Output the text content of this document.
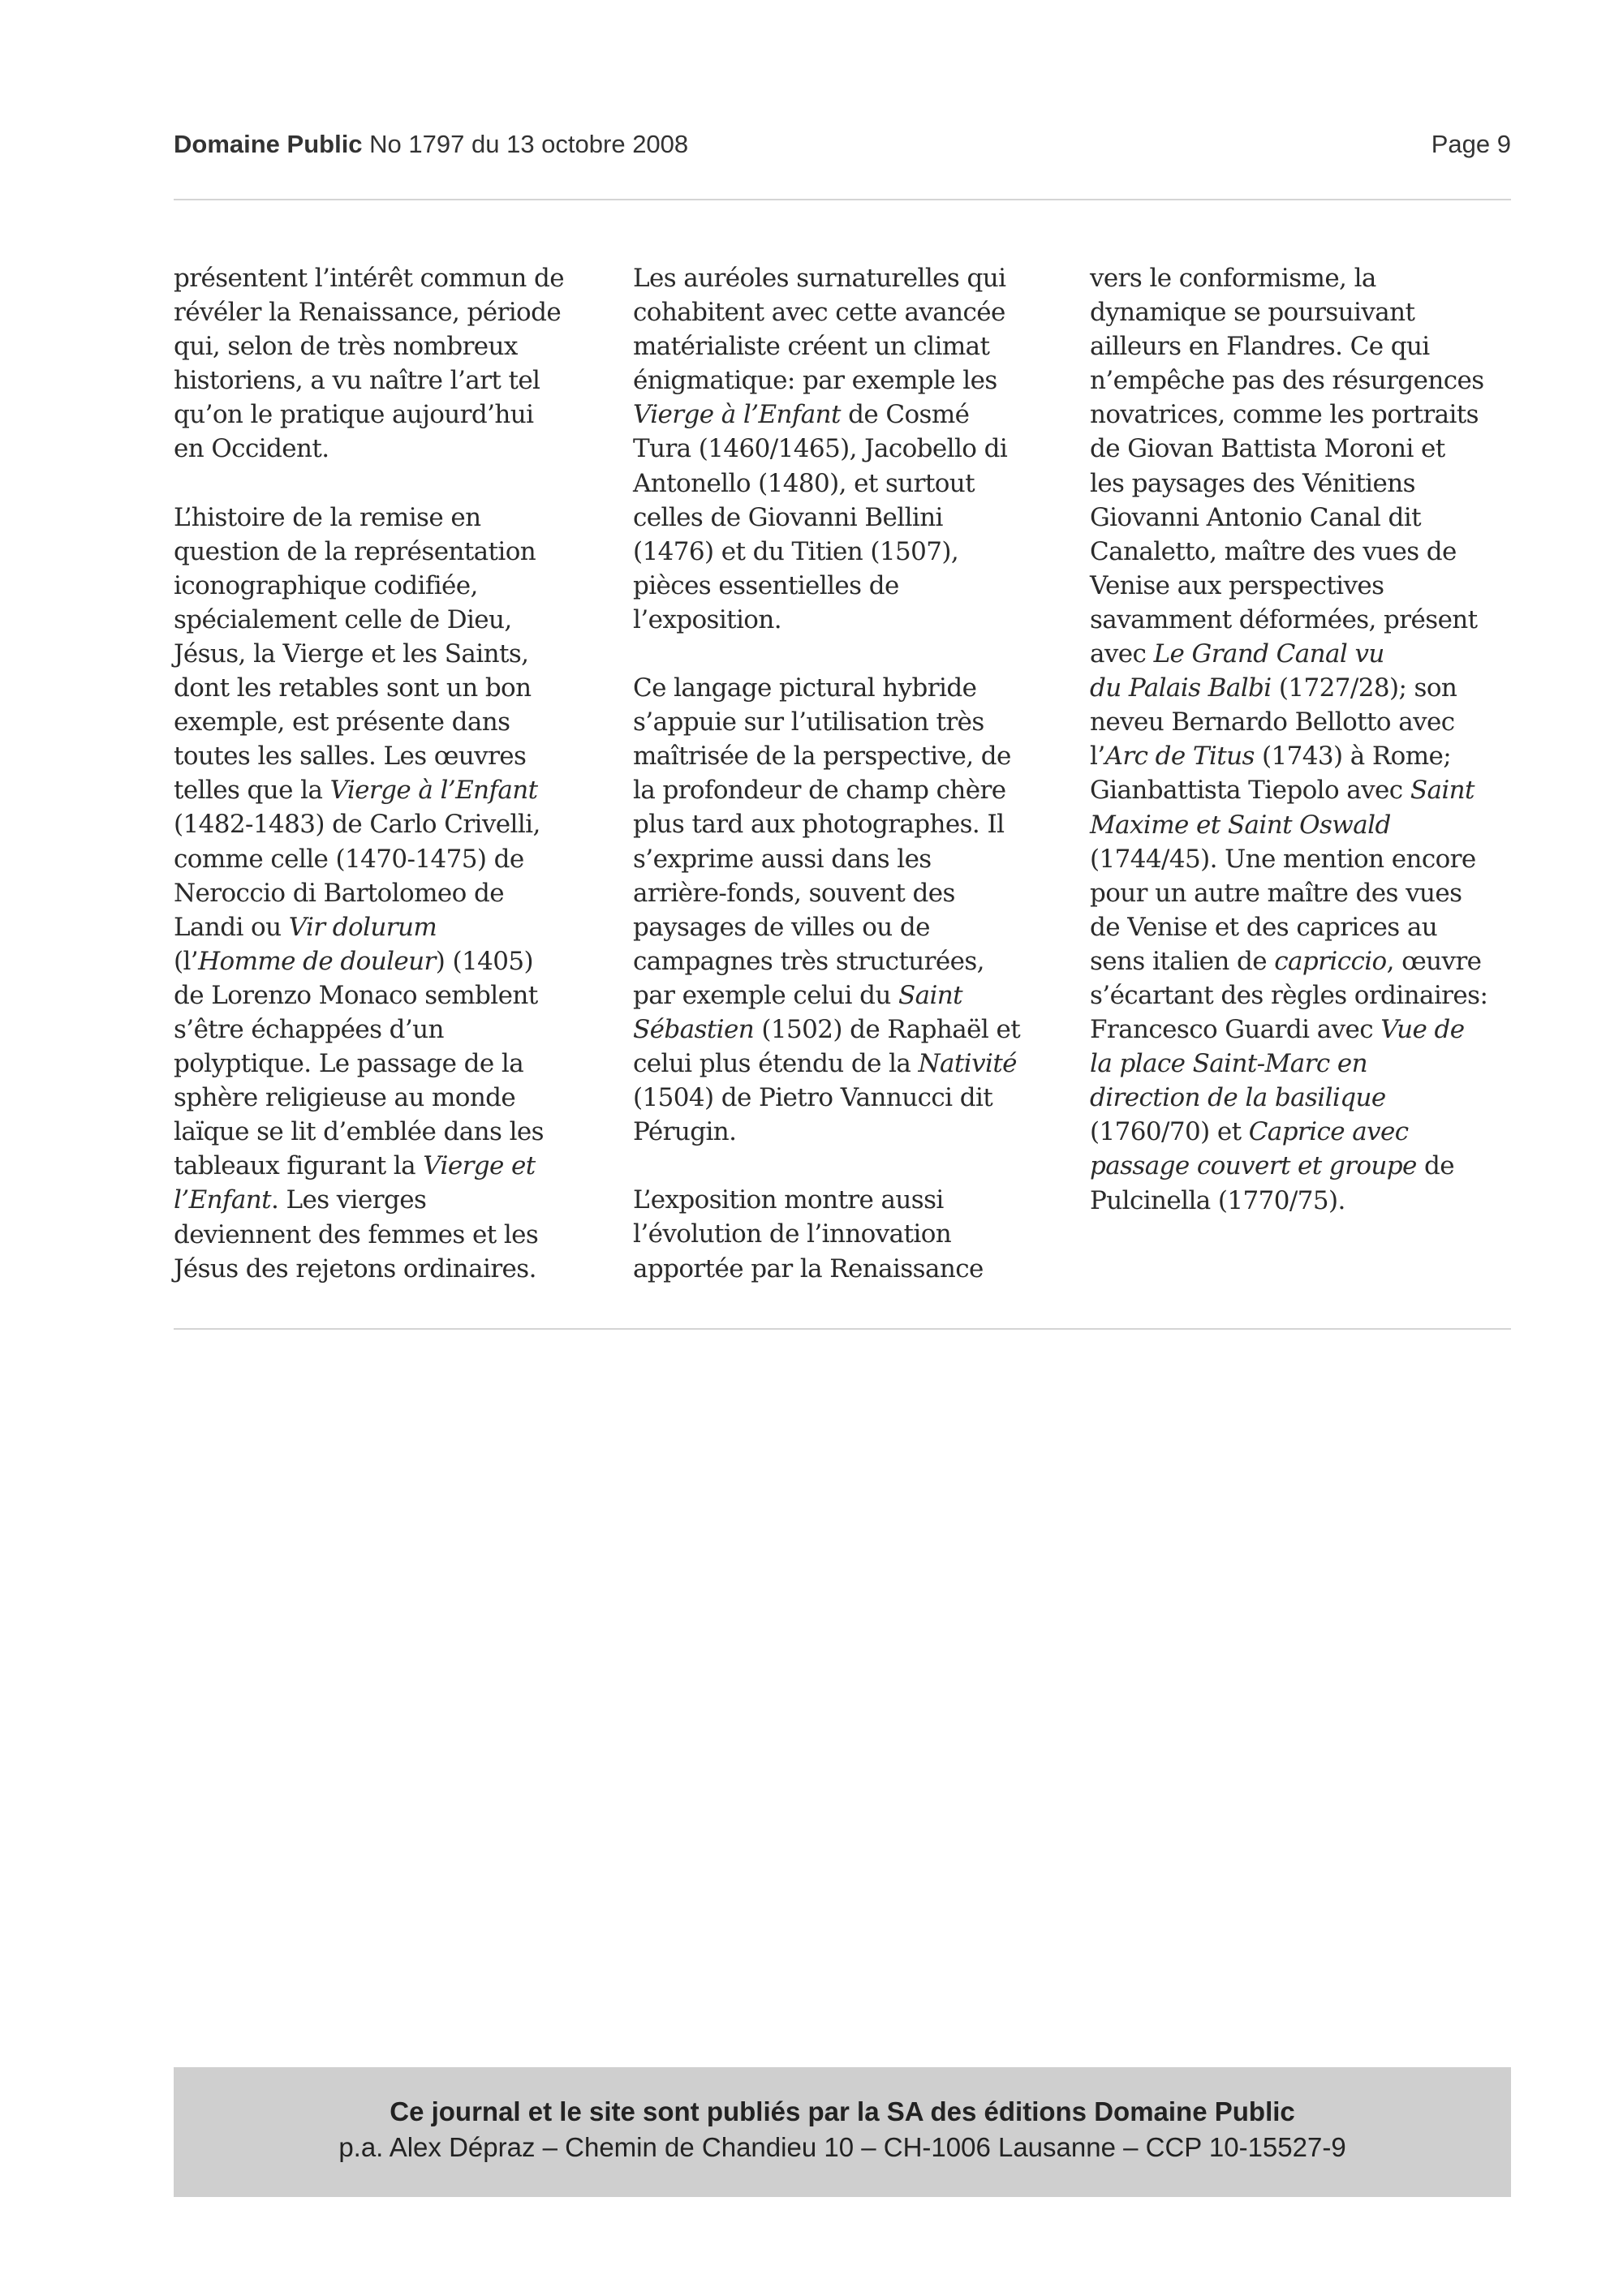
Domaine Public No 1797 du 13 octobre 2008	Page 9

présentent l’intérêt commun de
révéler la Renaissance, période
qui, selon de très nombreux
historiens, a vu naître l’art tel
qu’on le pratique aujourd’hui
en Occident.

L’histoire de la remise en
question de la représentation
iconographique codifiée,
spécialement celle de Dieu,
Jésus, la Vierge et les Saints,
dont les retables sont un bon
exemple, est présente dans
toutes les salles. Les œuvres
telles que la Vierge à l’Enfant
(1482-1483) de Carlo Crivelli,
comme celle (1470-1475) de
Neroccio di Bartolomeo de
Landi ou Vir dolurum
(l’Homme de douleur) (1405)
de Lorenzo Monaco semblent
s’être échappées d’un
polyptique. Le passage de la
sphère religieuse au monde
laïque se lit d’emblée dans les
tableaux figurant la Vierge et
l’Enfant. Les vierges
deviennent des femmes et les
Jésus des rejetons ordinaires.

Les auréoles surnaturelles qui
cohabitent avec cette avancée
matérialiste créent un climat
énigmatique: par exemple les
Vierge à l’Enfant de Cosmé
Tura (1460/1465), Jacobello di
Antonello (1480), et surtout
celles de Giovanni Bellini
(1476) et du Titien (1507),
pièces essentielles de
l’exposition.

Ce langage pictural hybride
s’appuie sur l’utilisation très
maîtrisée de la perspective, de
la profondeur de champ chère
plus tard aux photographes. Il
s’exprime aussi dans les
arrière-fonds, souvent des
paysages de villes ou de
campagnes très structurées,
par exemple celui du Saint
Sébastien (1502) de Raphaël et
celui plus étendu de la Nativité
(1504) de Pietro Vannucci dit
Pérugin.

L’exposition montre aussi
l’évolution de l’innovation
apportée par la Renaissance

vers le conformisme, la
dynamique se poursuivant
ailleurs en Flandres. Ce qui
n’empêche pas des résurgences
novatrices, comme les portraits
de Giovan Battista Moroni et
les paysages des Vénitiens
Giovanni Antonio Canal dit
Canaletto, maître des vues de
Venise aux perspectives
savamment déformées, présent
avec Le Grand Canal vu
du Palais Balbi (1727/28); son
neveu Bernardo Bellotto avec
l’Arc de Titus (1743) à Rome;
Gianbattista Tiepolo avec Saint
Maxime et Saint Oswald
(1744/45). Une mention encore
pour un autre maître des vues
de Venise et des caprices au
sens italien de capriccio, œuvre
s’écartant des règles ordinaires:
Francesco Guardi avec Vue de
la place Saint-Marc en
direction de la basilique
(1760/70) et Caprice avec
passage couvert et groupe de
Pulcinella (1770/75).

Ce journal et le site sont publiés par la SA des éditions Domaine Public
p.a. Alex Dépraz – Chemin de Chandieu 10 – CH-1006 Lausanne – CCP 10-15527-9
